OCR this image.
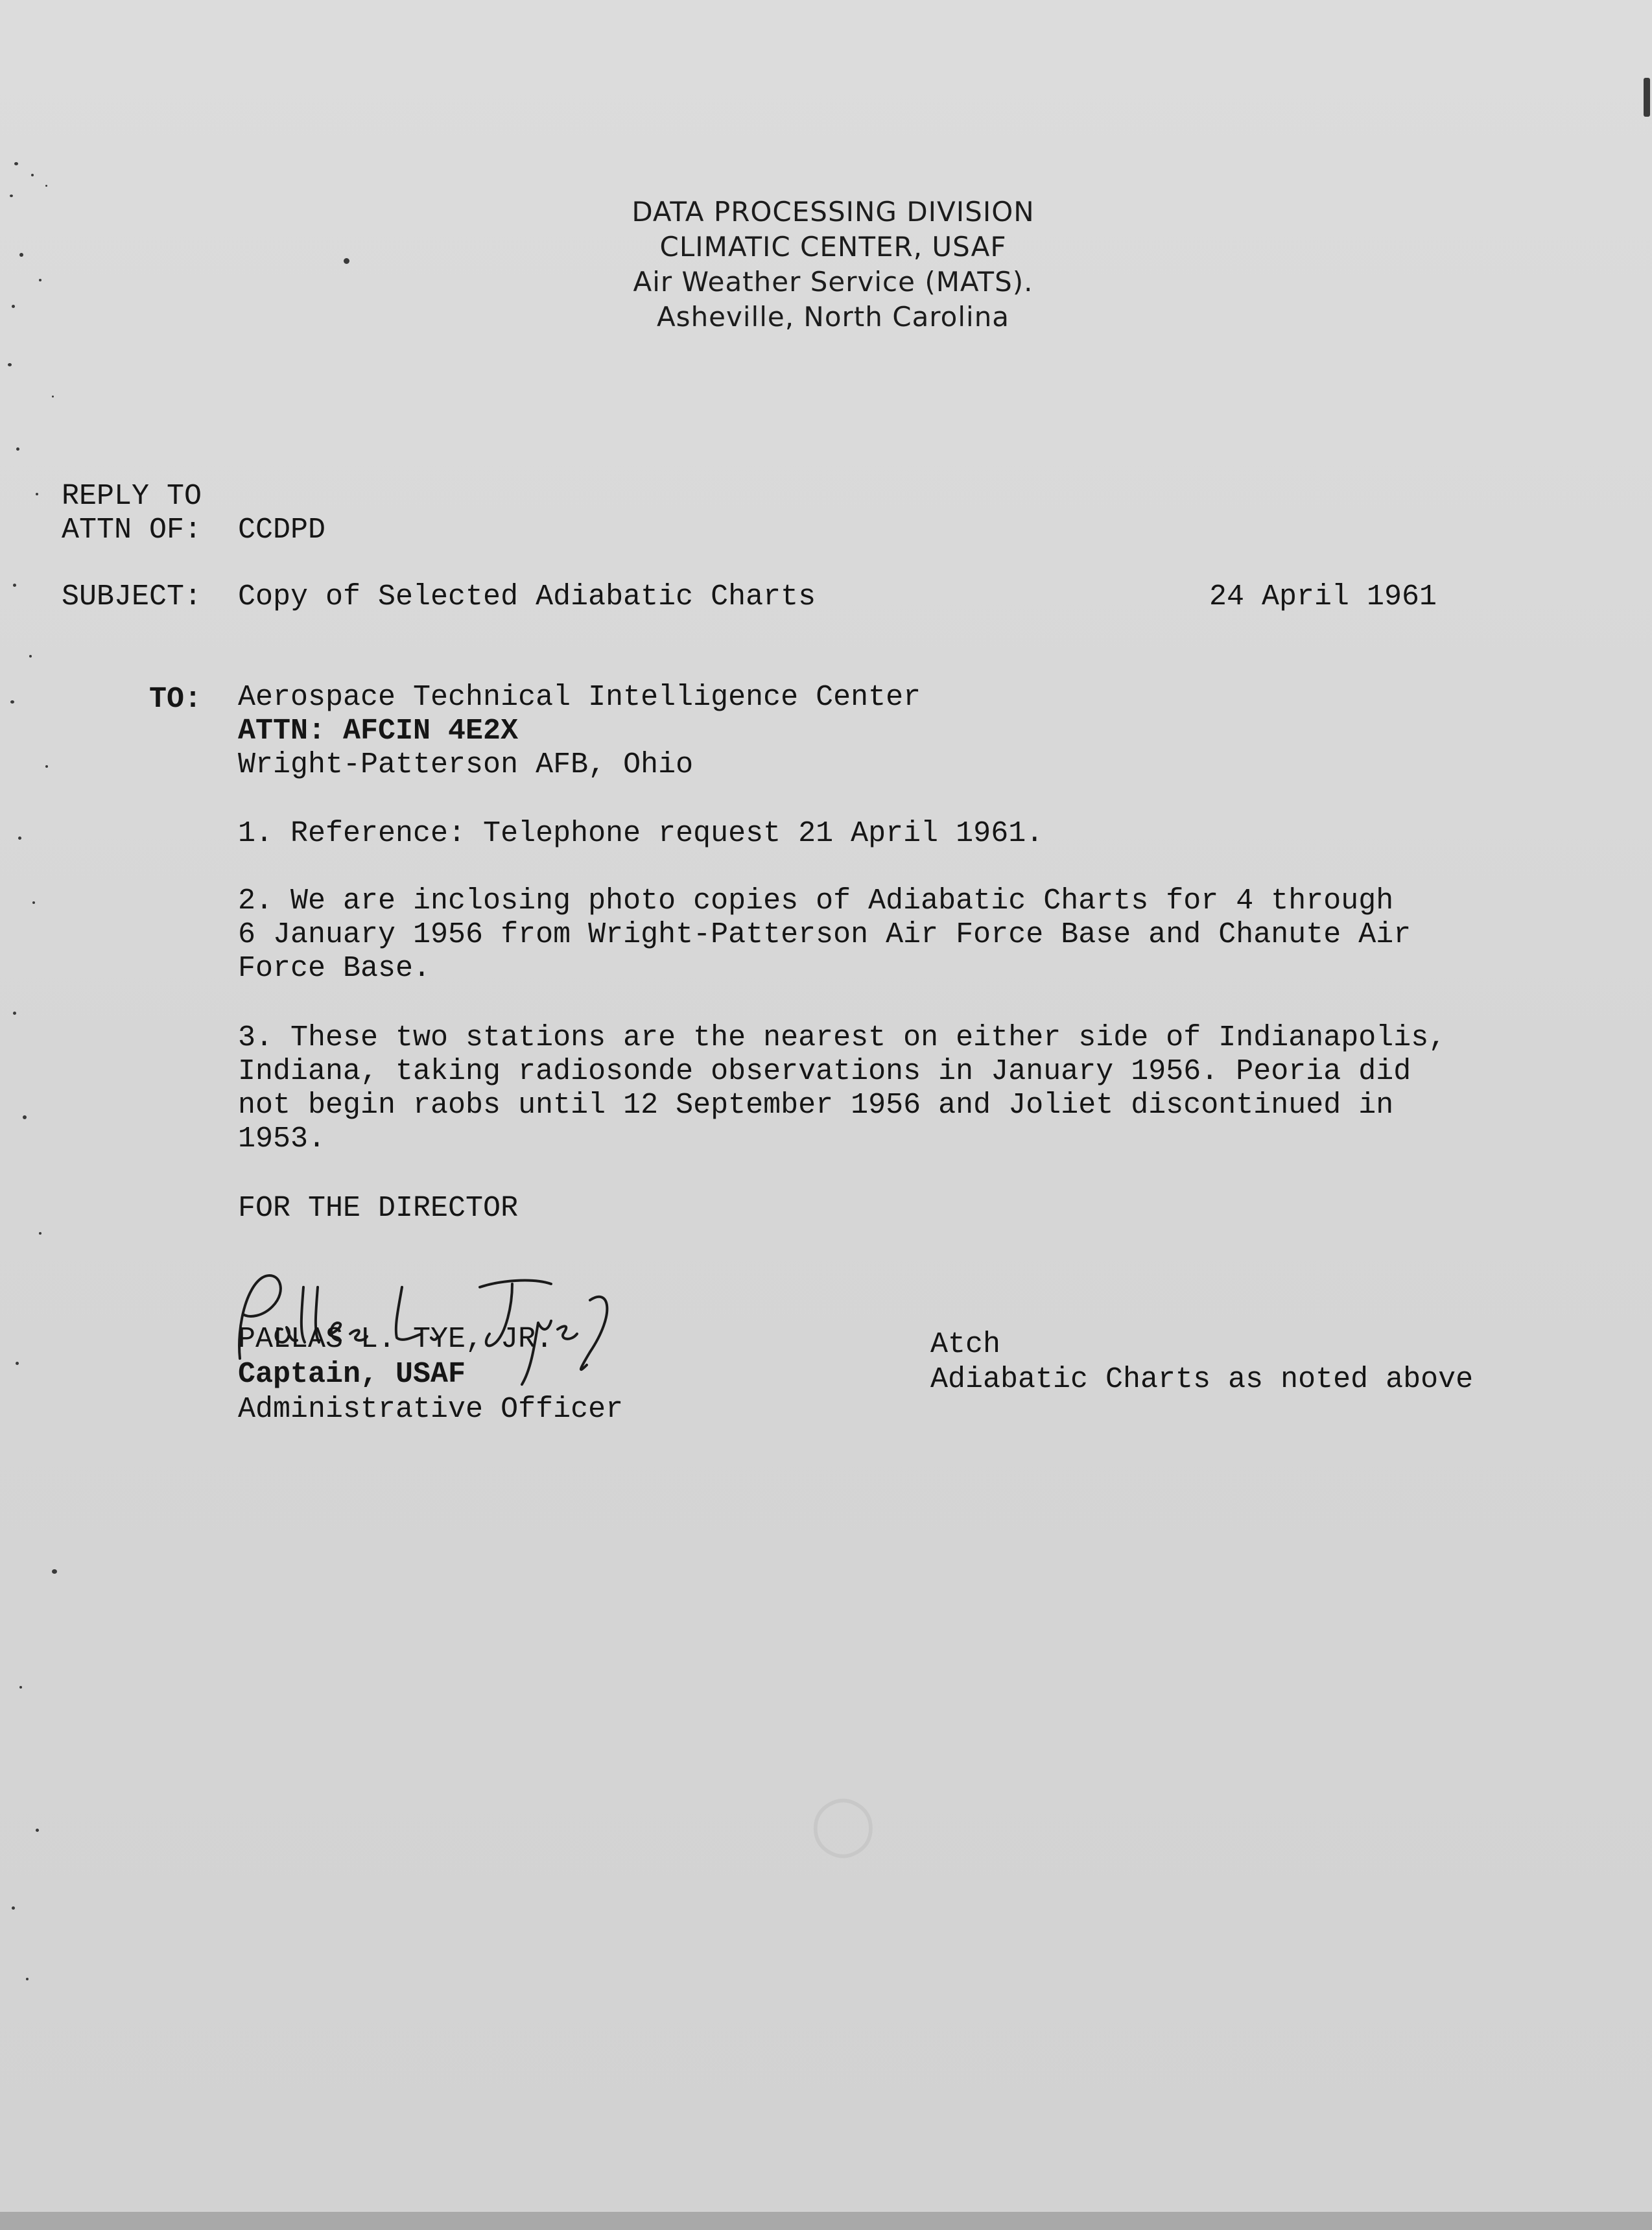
◯
DATA PROCESSING DIVISION
CLIMATIC CENTER, USAF
Air Weather Service (MATS).
Asheville, North Carolina
REPLY TO
ATTN OF: CCDPD
SUBJECT: Copy of Selected Adiabatic Charts	24 April 1961
TO: Aerospace Technical Intelligence Center
ATTN: AFCIN 4E2X
Wright-Patterson AFB, Ohio
1. Reference: Telephone request 21 April 1961.
2. We are inclosing photo copies of Adiabatic Charts for 4 through
6 January 1956 from Wright-Patterson Air Force Base and Chanute Air
Force Base.
3. These two stations are the nearest on either side of Indianapolis,
Indiana, taking radiosonde observations in January 1956. Peoria did
not begin raobs until 12 September 1956 and Joliet discontinued in
1953.
FOR THE DIRECTOR
PALLAS L. TYE, JR.
Captain, USAF
Administrative Officer
Atch
Adiabatic Charts as noted above
